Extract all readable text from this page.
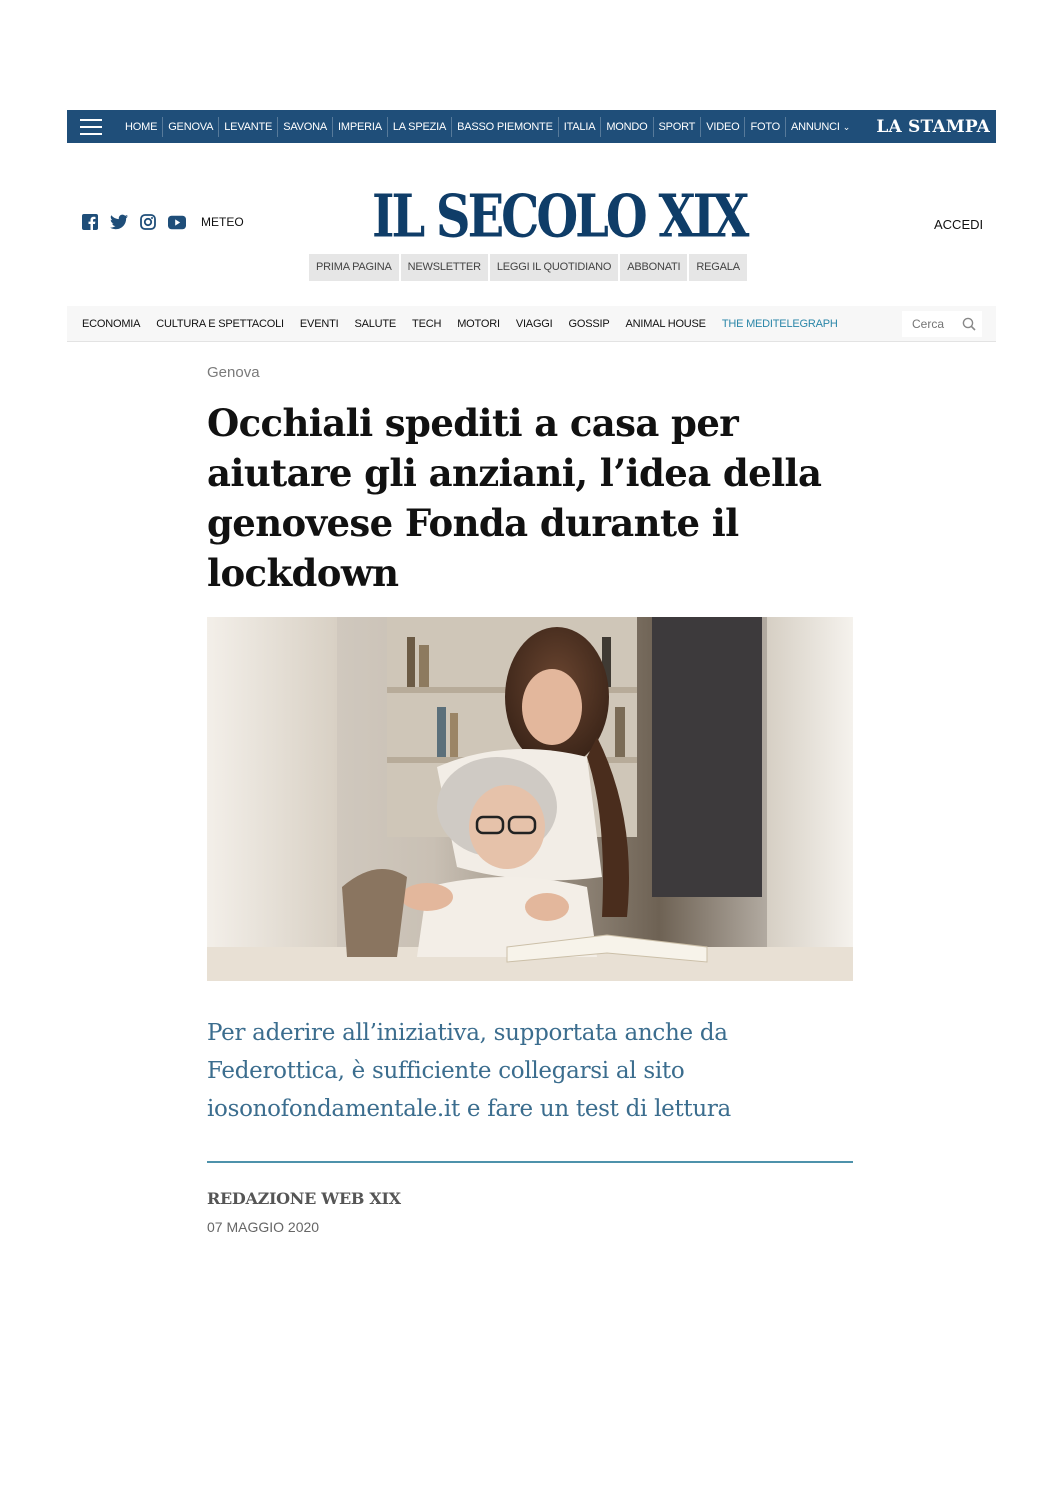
HOME	GENOVA	LEVANTE	SAVONA	IMPERIA	LA SPEZIA	BASSO PIEMONTE	ITALIA	MONDO	SPORT	VIDEO	FOTO	ANNUNCI ⌄ LA STAMPA
METEO	IL SECOLO XIX	ACCEDI
PRIMA PAGINA	NEWSLETTER	LEGGI IL QUOTIDIANO	ABBONATI	REGALA
ECONOMIA CULTURA E SPETTACOLI EVENTI SALUTE TECH MOTORI VIAGGI GOSSIP ANIMAL HOUSE THE MEDITELEGRAPH
Cerca
Genova
Occhiali spediti a casa per aiutare gli anziani, l’idea della genovese Fonda durante il lockdown

Per aderire all’iniziativa, supportata anche da Federottica, è sufficiente collegarsi al sito iosonofondamentale.it e fare un test di lettura

REDAZIONE WEB XIX
07 MAGGIO 2020
